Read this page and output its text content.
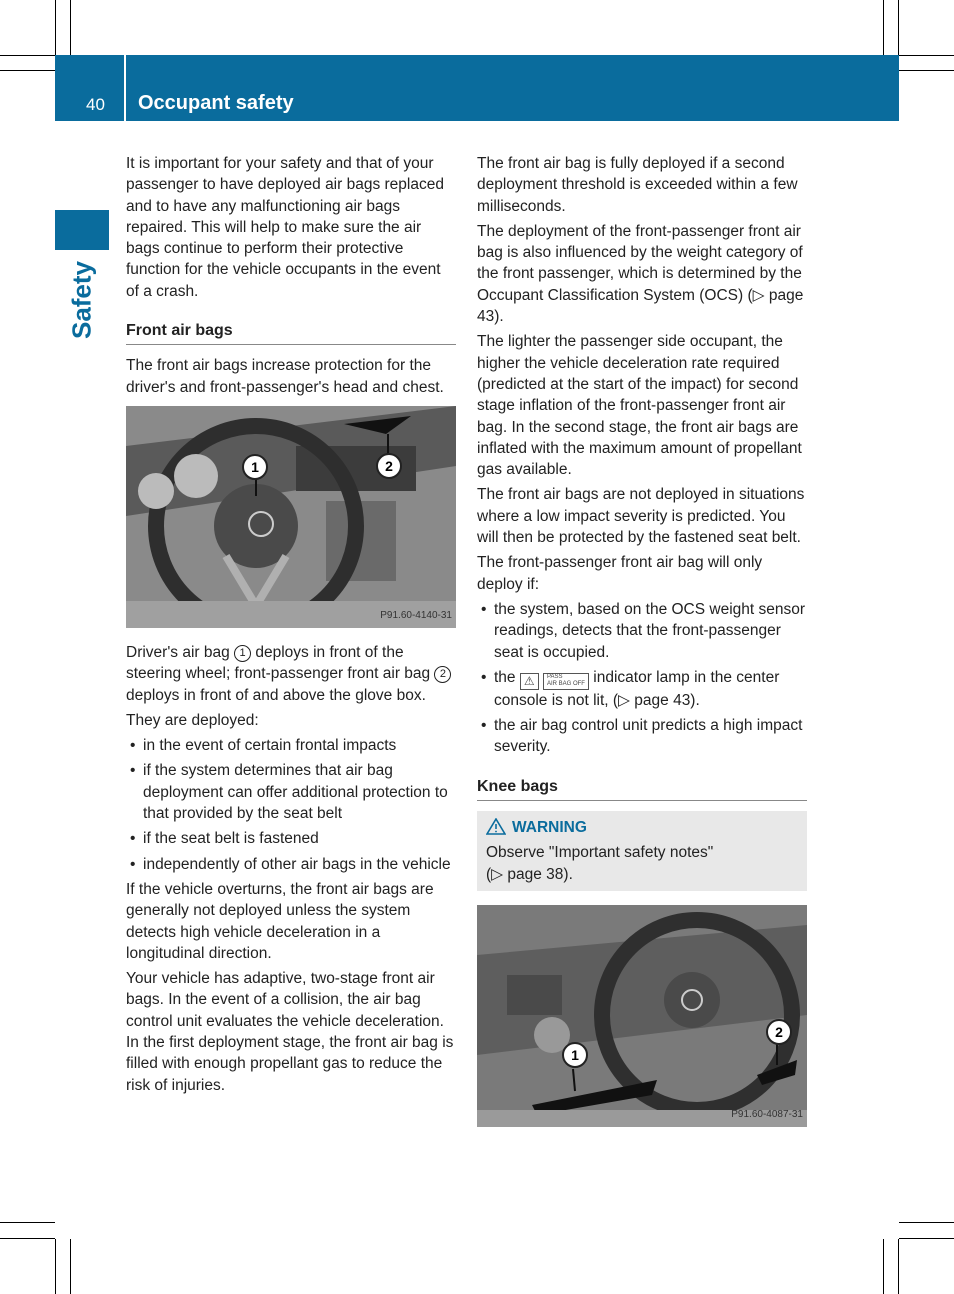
40 Occupant safety
Safety

It is important for your safety and that of your passenger to have deployed air bags replaced and to have any malfunctioning air bags repaired. This will help to make sure the air bags continue to perform their protective function for the vehicle occupants in the event of a crash.

Front air bags

The front air bags increase protection for the driver's and front-passenger's head and chest.

1	2
P91.60-4140-31

Driver's air bag 1 deploys in front of the steering wheel; front-passenger front air bag 2 deploys in front of and above the glove box.

They are deployed:

• in the event of certain frontal impacts
• if the system determines that air bag deployment can offer additional protection to that provided by the seat belt
• if the seat belt is fastened
• independently of other air bags in the vehicle

If the vehicle overturns, the front air bags are generally not deployed unless the system detects high vehicle deceleration in a longitudinal direction.

Your vehicle has adaptive, two-stage front air bags. In the event of a collision, the air bag control unit evaluates the vehicle deceleration. In the first deployment stage, the front air bag is filled with enough propellant gas to reduce the risk of injuries.

The front air bag is fully deployed if a second deployment threshold is exceeded within a few milliseconds.

The deployment of the front-passenger front air bag is also influenced by the weight category of the front passenger, which is determined by the Occupant Classification System (OCS) (▷ page 43).

The lighter the passenger side occupant, the higher the vehicle deceleration rate required (predicted at the start of the impact) for second stage inflation of the front-passenger front air bag. In the second stage, the front air bags are inflated with the maximum amount of propellant gas available.

The front air bags are not deployed in situations where a low impact severity is predicted. You will then be protected by the fastened seat belt.

The front-passenger front air bag will only deploy if:

• the system, based on the OCS weight sensor readings, detects that the front-passenger seat is occupied.
• the ⚠ PASS
AIR BAG OFF indicator lamp in the center console is not lit, (▷ page 43).
• the air bag control unit predicts a high impact severity.
Knee bags
WARNING
Observe "Important safety notes"
(▷ page 38).
1
2
P91.60-4087-31
